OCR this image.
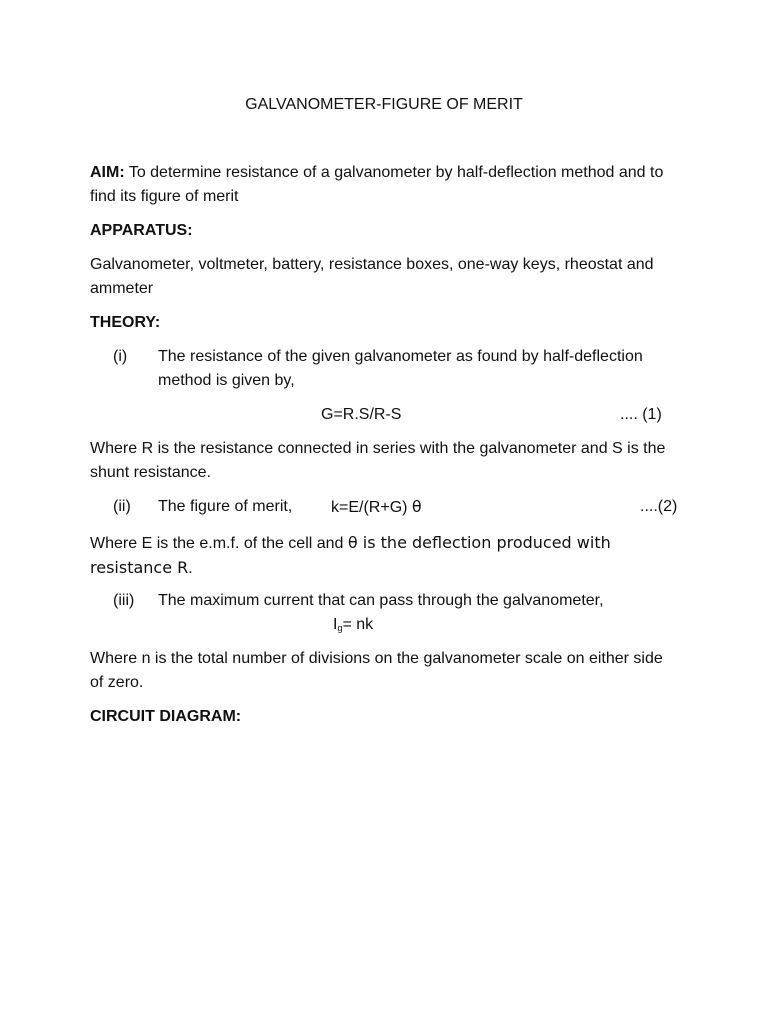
GALVANOMETER-FIGURE OF MERIT

AIM: To determine resistance of a galvanometer by half-deflection method and to find its figure of merit

APPARATUS:

Galvanometer, voltmeter, battery, resistance boxes, one-way keys, rheostat and ammeter

THEORY:
(i) The resistance of the given galvanometer as found by half-deflection method is given by,
G=R.S/R-S	.... (1)

Where R is the resistance connected in series with the galvanometer and S is the shunt resistance.

(ii) The figure of merit, k=E/(R+G) θ	....(2)

Where E is the e.m.f. of the cell and θ is the deflection produced with resistance R.

(iii) The maximum current that can pass through the galvanometer,
$I_g=$ nk

Where n is the total number of divisions on the galvanometer scale on either side of zero.

CIRCUIT DIAGRAM:
